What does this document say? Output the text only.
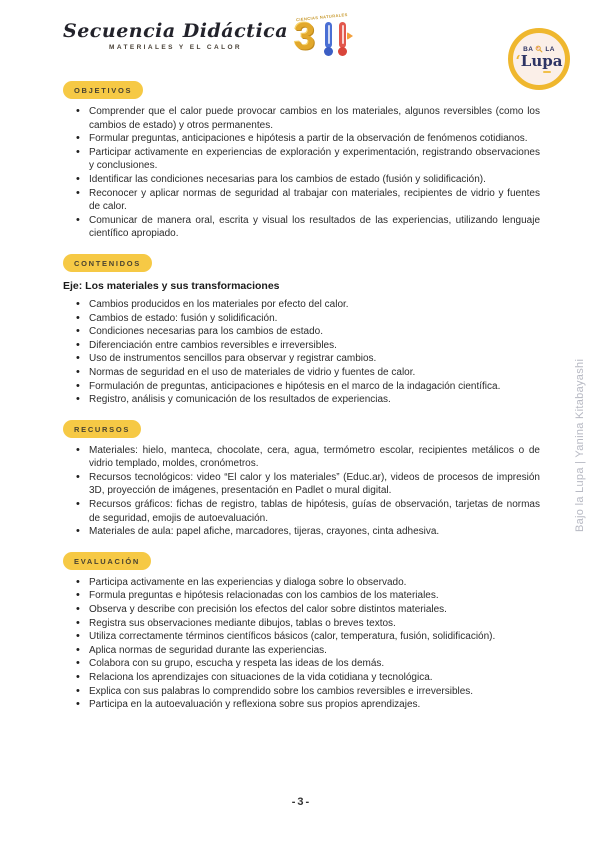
Secuencia Didáctica
MATERIALES Y EL CALOR
CIENCIAS NATURALES
3	BA LA
ʻLupa
OBJETIVOS
• Comprender que el calor puede provocar cambios en los materiales, algunos reversibles (como los cambios de estado) y otros permanentes.
• Formular preguntas, anticipaciones e hipótesis a partir de la observación de fenómenos cotidianos.
• Participar activamente en experiencias de exploración y experimentación, registrando observaciones y conclusiones.
• Identificar las condiciones necesarias para los cambios de estado (fusión y solidificación).
• Reconocer y aplicar normas de seguridad al trabajar con materiales, recipientes de vidrio y fuentes de calor.
• Comunicar de manera oral, escrita y visual los resultados de las experiencias, utilizando lenguaje científico apropiado.
CONTENIDOS
Eje: Los materiales y sus transformaciones
• Cambios producidos en los materiales por efecto del calor.
• Cambios de estado: fusión y solidificación.
• Condiciones necesarias para los cambios de estado.
• Diferenciación entre cambios reversibles e irreversibles.
• Uso de instrumentos sencillos para observar y registrar cambios.
• Normas de seguridad en el uso de materiales de vidrio y fuentes de calor.
• Formulación de preguntas, anticipaciones e hipótesis en el marco de la indagación científica.
• Registro, análisis y comunicación de los resultados de experiencias.
RECURSOS
• Materiales: hielo, manteca, chocolate, cera, agua, termómetro escolar, recipientes metálicos o de vidrio templado, moldes, cronómetros.
• Recursos tecnológicos: video “El calor y los materiales” (Educ.ar), videos de procesos de impresión 3D, proyección de imágenes, presentación en Padlet o mural digital.
• Recursos gráficos: fichas de registro, tablas de hipótesis, guías de observación, tarjetas de normas de seguridad, emojis de autoevaluación.
• Materiales de aula: papel afiche, marcadores, tijeras, crayones, cinta adhesiva.
EVALUACIÓN
• Participa activamente en las experiencias y dialoga sobre lo observado.
• Formula preguntas e hipótesis relacionadas con los cambios de los materiales.
• Observa y describe con precisión los efectos del calor sobre distintos materiales.
• Registra sus observaciones mediante dibujos, tablas o breves textos.
• Utiliza correctamente términos científicos básicos (calor, temperatura, fusión, solidificación).
• Aplica normas de seguridad durante las experiencias.
• Colabora con su grupo, escucha y respeta las ideas de los demás.
• Relaciona los aprendizajes con situaciones de la vida cotidiana y tecnológica.
• Explica con sus palabras lo comprendido sobre los cambios reversibles e irreversibles.
• Participa en la autoevaluación y reflexiona sobre sus propios aprendizajes.
Bajo la Lupa | Yanina Kitabayashi
-3-
